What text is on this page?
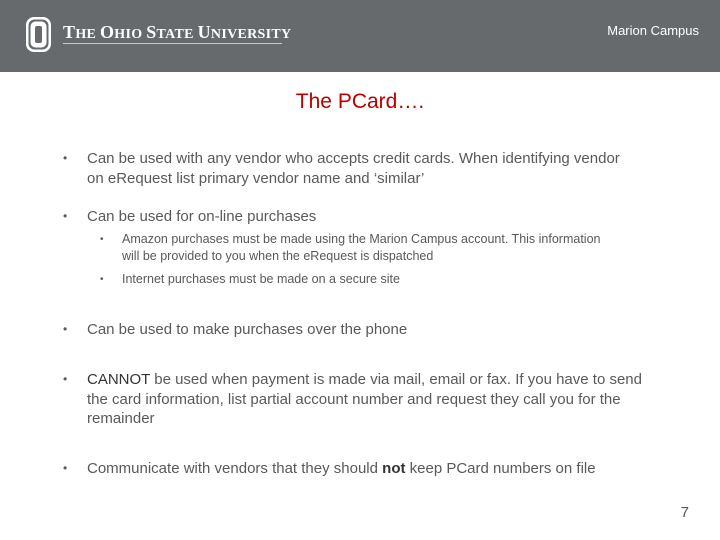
THE OHIO STATE UNIVERSITY	Marion Campus
The PCard….
• Can be used with any vendor who accepts credit cards. When identifying vendor on eRequest list primary vendor name and ‘similar’
• Can be used for on-line purchases
• Amazon purchases must be made using the Marion Campus account. This information will be provided to you when the eRequest is dispatched
• Internet purchases must be made on a secure site
• Can be used to make purchases over the phone
• CANNOT be used when payment is made via mail, email or fax. If you have to send the card information, list partial account number and request they call you for the remainder
• Communicate with vendors that they should not keep PCard numbers on file
7
